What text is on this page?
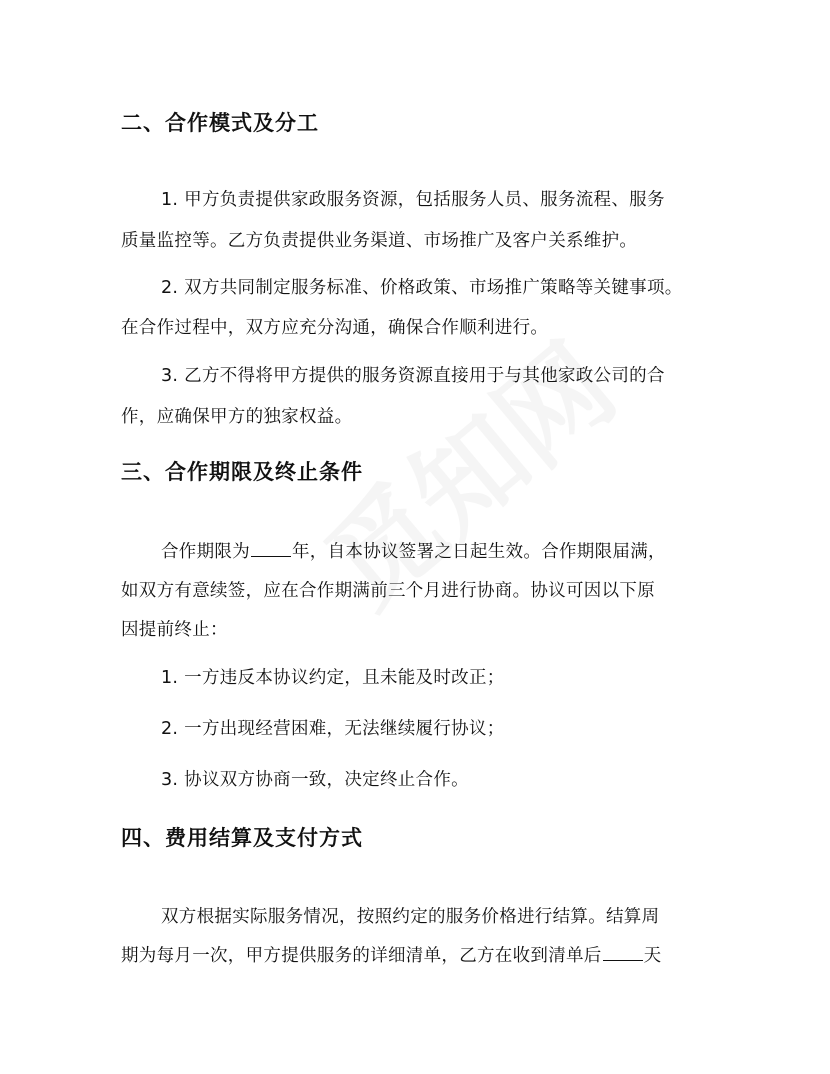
二、合作模式及分工
1. 甲方负责提供家政服务资源，包括服务人员、服务流程、服务
质量监控等。乙方负责提供业务渠道、市场推广及客户关系维护。
2. 双方共同制定服务标准、价格政策、市场推广策略等关键事项。
在合作过程中，双方应充分沟通，确保合作顺利进行。
3. 乙方不得将甲方提供的服务资源直接用于与其他家政公司的合
作，应确保甲方的独家权益。
三、合作期限及终止条件
合作期限为 年，自本协议签署之日起生效。合作期限届满，
如双方有意续签，应在合作期满前三个月进行协商。协议可因以下原
因提前终止：
1. 一方违反本协议约定，且未能及时改正；
2. 一方出现经营困难，无法继续履行协议；
3. 协议双方协商一致，决定终止合作。
四、费用结算及支付方式
双方根据实际服务情况，按照约定的服务价格进行结算。结算周
期为每月一次，甲方提供服务的详细清单，乙方在收到清单后 天
